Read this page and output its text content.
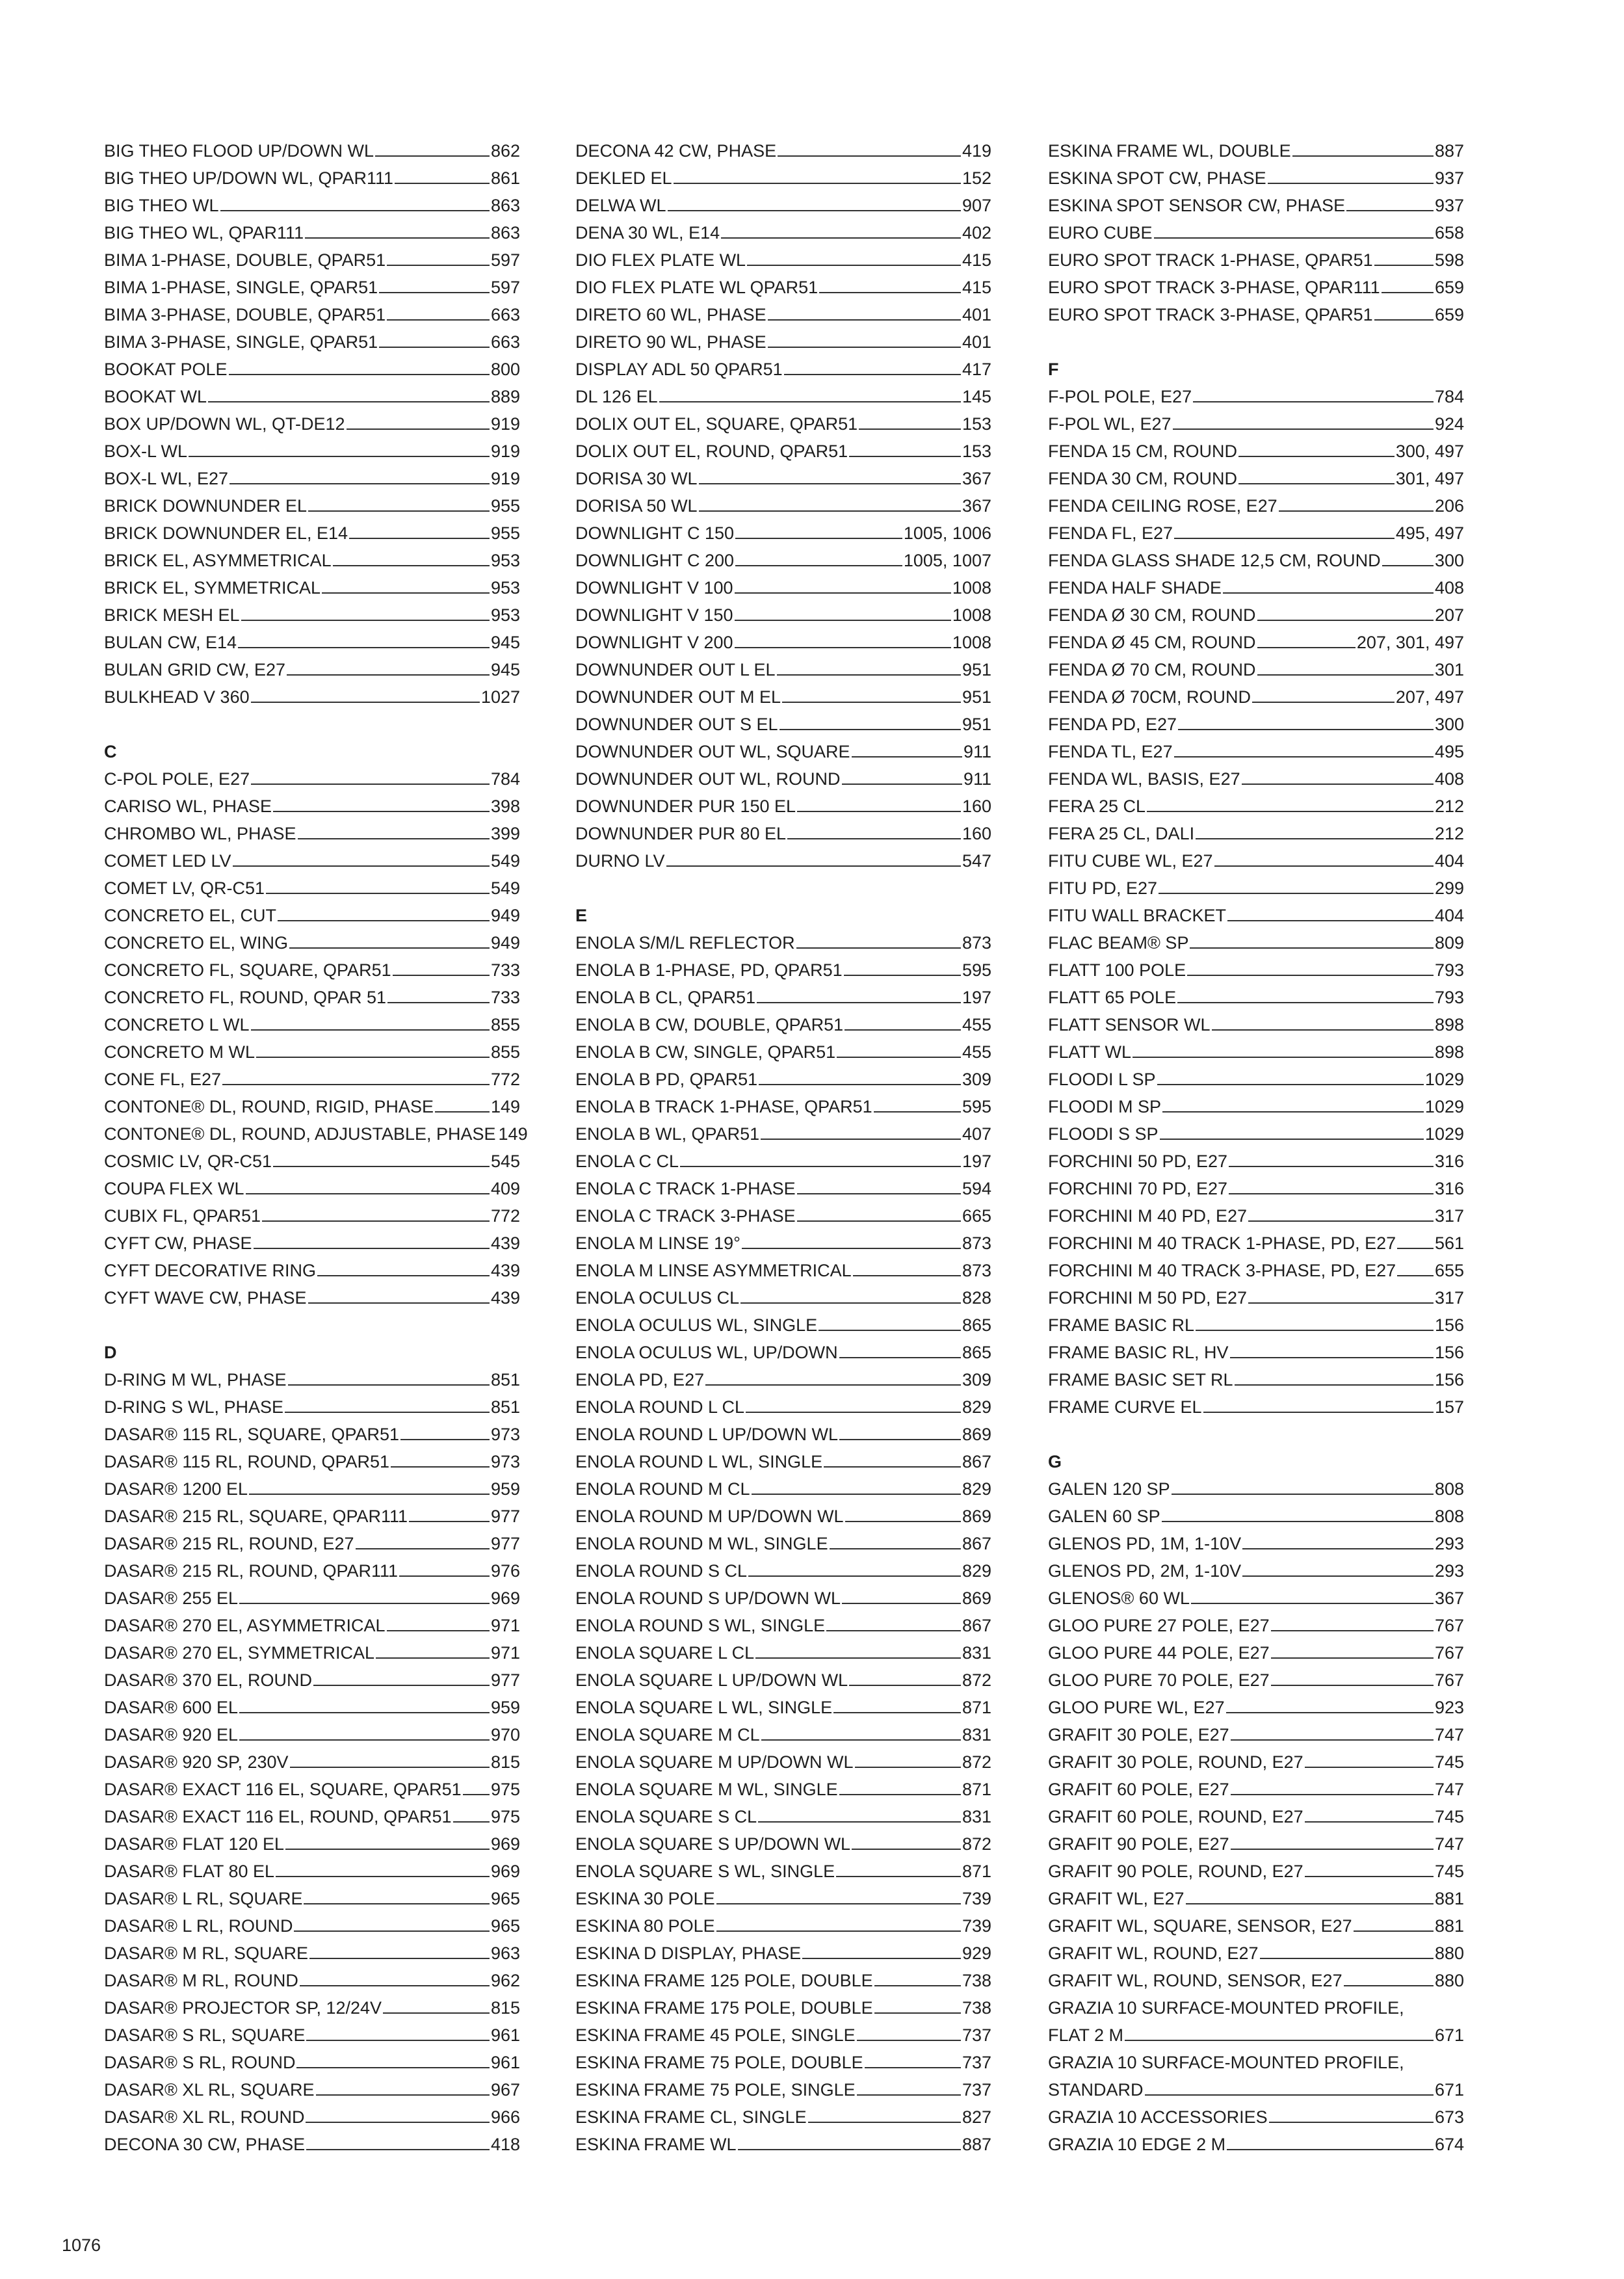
BIG THEO FLOOD UP/DOWN WL	862
BIG THEO UP/DOWN WL, QPAR111	861
BIG THEO WL	863
BIG THEO WL, QPAR111	863
BIMA 1-PHASE, DOUBLE, QPAR51	597
BIMA 1-PHASE, SINGLE, QPAR51	597
BIMA 3-PHASE, DOUBLE, QPAR51	663
BIMA 3-PHASE, SINGLE, QPAR51	663
BOOKAT POLE	800
BOOKAT WL	889
BOX UP/DOWN WL, QT-DE12	919
BOX-L WL	919
BOX-L WL, E27	919
BRICK DOWNUNDER EL	955
BRICK DOWNUNDER EL, E14	955
BRICK EL, ASYMMETRICAL	953
BRICK EL, SYMMETRICAL	953
BRICK MESH EL	953
BULAN CW, E14	945
BULAN GRID CW, E27	945
BULKHEAD V 360	1027
C
C-POL POLE, E27	784
CARISO WL, PHASE	398
CHROMBO WL, PHASE	399
COMET LED LV	549
COMET LV, QR-C51	549
CONCRETO EL, CUT	949
CONCRETO EL, WING	949
CONCRETO FL, SQUARE, QPAR51	733
CONCRETO FL, ROUND, QPAR 51	733
CONCRETO L WL	855
CONCRETO M WL	855
CONE FL, E27	772
CONTONE® DL, ROUND, RIGID, PHASE	149
CONTONE® DL, ROUND, ADJUSTABLE, PHASE 149
COSMIC LV, QR-C51	545
COUPA FLEX WL	409
CUBIX FL, QPAR51	772
CYFT CW, PHASE	439
CYFT DECORATIVE RING	439
CYFT WAVE CW, PHASE	439
D
D-RING M WL, PHASE	851
D-RING S WL, PHASE	851
DASAR® 115 RL, SQUARE, QPAR51	973
DASAR® 115 RL, ROUND, QPAR51	973
DASAR® 1200 EL	959
DASAR® 215 RL, SQUARE, QPAR111	977
DASAR® 215 RL, ROUND, E27	977
DASAR® 215 RL, ROUND, QPAR111	976
DASAR® 255 EL	969
DASAR® 270 EL, ASYMMETRICAL	971
DASAR® 270 EL, SYMMETRICAL	971
DASAR® 370 EL, ROUND	977
DASAR® 600 EL	959
DASAR® 920 EL	970
DASAR® 920 SP, 230V	815
DASAR® EXACT 116 EL, SQUARE, QPAR51 975
DASAR® EXACT 116 EL, ROUND, QPAR51 975
DASAR® FLAT 120 EL	969
DASAR® FLAT 80 EL	969
DASAR® L RL, SQUARE	965
DASAR® L RL, ROUND	965
DASAR® M RL, SQUARE	963
DASAR® M RL, ROUND	962
DASAR® PROJECTOR SP, 12/24V	815
DASAR® S RL, SQUARE	961
DASAR® S RL, ROUND	961
DASAR® XL RL, SQUARE	967
DASAR® XL RL, ROUND	966
DECONA 30 CW, PHASE	418
DECONA 42 CW, PHASE	419
DEKLED EL	152
DELWA WL	907
DENA 30 WL, E14	402
DIO FLEX PLATE WL	415
DIO FLEX PLATE WL QPAR51	415
DIRETO 60 WL, PHASE	401
DIRETO 90 WL, PHASE	401
DISPLAY ADL 50 QPAR51	417
DL 126 EL	145
DOLIX OUT EL, SQUARE, QPAR51	153
DOLIX OUT EL, ROUND, QPAR51	153
DORISA 30 WL	367
DORISA 50 WL	367
DOWNLIGHT C 150	1005, 1006
DOWNLIGHT C 200	1005, 1007
DOWNLIGHT V 100	1008
DOWNLIGHT V 150	1008
DOWNLIGHT V 200	1008
DOWNUNDER OUT L EL	951
DOWNUNDER OUT M EL	951
DOWNUNDER OUT S EL	951
DOWNUNDER OUT WL, SQUARE	911
DOWNUNDER OUT WL, ROUND	911
DOWNUNDER PUR 150 EL	160
DOWNUNDER PUR 80 EL	160
DURNO LV	547
E
ENOLA S/M/L REFLECTOR	873
ENOLA B 1-PHASE, PD, QPAR51	595
ENOLA B CL, QPAR51	197
ENOLA B CW, DOUBLE, QPAR51	455
ENOLA B CW, SINGLE, QPAR51	455
ENOLA B PD, QPAR51	309
ENOLA B TRACK 1-PHASE, QPAR51	595
ENOLA B WL, QPAR51	407
ENOLA C CL	197
ENOLA C TRACK 1-PHASE	594
ENOLA C TRACK 3-PHASE	665
ENOLA M LINSE 19°	873
ENOLA M LINSE ASYMMETRICAL	873
ENOLA OCULUS CL	828
ENOLA OCULUS WL, SINGLE	865
ENOLA OCULUS WL, UP/DOWN	865
ENOLA PD, E27	309
ENOLA ROUND L CL	829
ENOLA ROUND L UP/DOWN WL	869
ENOLA ROUND L WL, SINGLE	867
ENOLA ROUND M CL	829
ENOLA ROUND M UP/DOWN WL	869
ENOLA ROUND M WL, SINGLE	867
ENOLA ROUND S CL	829
ENOLA ROUND S UP/DOWN WL	869
ENOLA ROUND S WL, SINGLE	867
ENOLA SQUARE L CL	831
ENOLA SQUARE L UP/DOWN WL	872
ENOLA SQUARE L WL, SINGLE	871
ENOLA SQUARE M CL	831
ENOLA SQUARE M UP/DOWN WL	872
ENOLA SQUARE M WL, SINGLE	871
ENOLA SQUARE S CL	831
ENOLA SQUARE S UP/DOWN WL	872
ENOLA SQUARE S WL, SINGLE	871
ESKINA 30 POLE	739
ESKINA 80 POLE	739
ESKINA D DISPLAY, PHASE	929
ESKINA FRAME 125 POLE, DOUBLE	738
ESKINA FRAME 175 POLE, DOUBLE	738
ESKINA FRAME 45 POLE, SINGLE	737
ESKINA FRAME 75 POLE, DOUBLE	737
ESKINA FRAME 75 POLE, SINGLE	737
ESKINA FRAME CL, SINGLE	827
ESKINA FRAME WL	887
ESKINA FRAME WL, DOUBLE	887
ESKINA SPOT CW, PHASE	937
ESKINA SPOT SENSOR CW, PHASE	937
EURO CUBE	658
EURO SPOT TRACK 1-PHASE, QPAR51	598
EURO SPOT TRACK 3-PHASE, QPAR111	659
EURO SPOT TRACK 3-PHASE, QPAR51	659
F
F-POL POLE, E27	784
F-POL WL, E27	924
FENDA 15 CM, ROUND	300, 497
FENDA 30 CM, ROUND	301, 497
FENDA CEILING ROSE, E27	206
FENDA FL, E27	495, 497
FENDA GLASS SHADE 12,5 CM, ROUND	300
FENDA HALF SHADE	408
FENDA Ø 30 CM, ROUND	207
FENDA Ø 45 CM, ROUND	207, 301, 497
FENDA Ø 70 CM, ROUND	301
FENDA Ø 70CM, ROUND	207, 497
FENDA PD, E27	300
FENDA TL, E27	495
FENDA WL, BASIS, E27	408
FERA 25 CL	212
FERA 25 CL, DALI	212
FITU CUBE WL, E27	404
FITU PD, E27	299
FITU WALL BRACKET	404
FLAC BEAM® SP	809
FLATT 100 POLE	793
FLATT 65 POLE	793
FLATT SENSOR WL	898
FLATT WL	898
FLOODI L SP	1029
FLOODI M SP	1029
FLOODI S SP	1029
FORCHINI 50 PD, E27	316
FORCHINI 70 PD, E27	316
FORCHINI M 40 PD, E27	317
FORCHINI M 40 TRACK 1-PHASE, PD, E27 561
FORCHINI M 40 TRACK 3-PHASE, PD, E27 655
FORCHINI M 50 PD, E27	317
FRAME BASIC RL	156
FRAME BASIC RL, HV	156
FRAME BASIC SET RL	156
FRAME CURVE EL	157
G
GALEN 120 SP	808
GALEN 60 SP	808
GLENOS PD, 1M, 1-10V	293
GLENOS PD, 2M, 1-10V	293
GLENOS® 60 WL	367
GLOO PURE 27 POLE, E27	767
GLOO PURE 44 POLE, E27	767
GLOO PURE 70 POLE, E27	767
GLOO PURE WL, E27	923
GRAFIT 30 POLE, E27	747
GRAFIT 30 POLE, ROUND, E27	745
GRAFIT 60 POLE, E27	747
GRAFIT 60 POLE, ROUND, E27	745
GRAFIT 90 POLE, E27	747
GRAFIT 90 POLE, ROUND, E27	745
GRAFIT WL, E27	881
GRAFIT WL, SQUARE, SENSOR, E27	881
GRAFIT WL, ROUND, E27	880
GRAFIT WL, ROUND, SENSOR, E27	880
GRAZIA 10 SURFACE-MOUNTED PROFILE,
FLAT 2 M	671
GRAZIA 10 SURFACE-MOUNTED PROFILE,
STANDARD	671
GRAZIA 10 ACCESSORIES	673
GRAZIA 10 EDGE 2 M	674
1076
